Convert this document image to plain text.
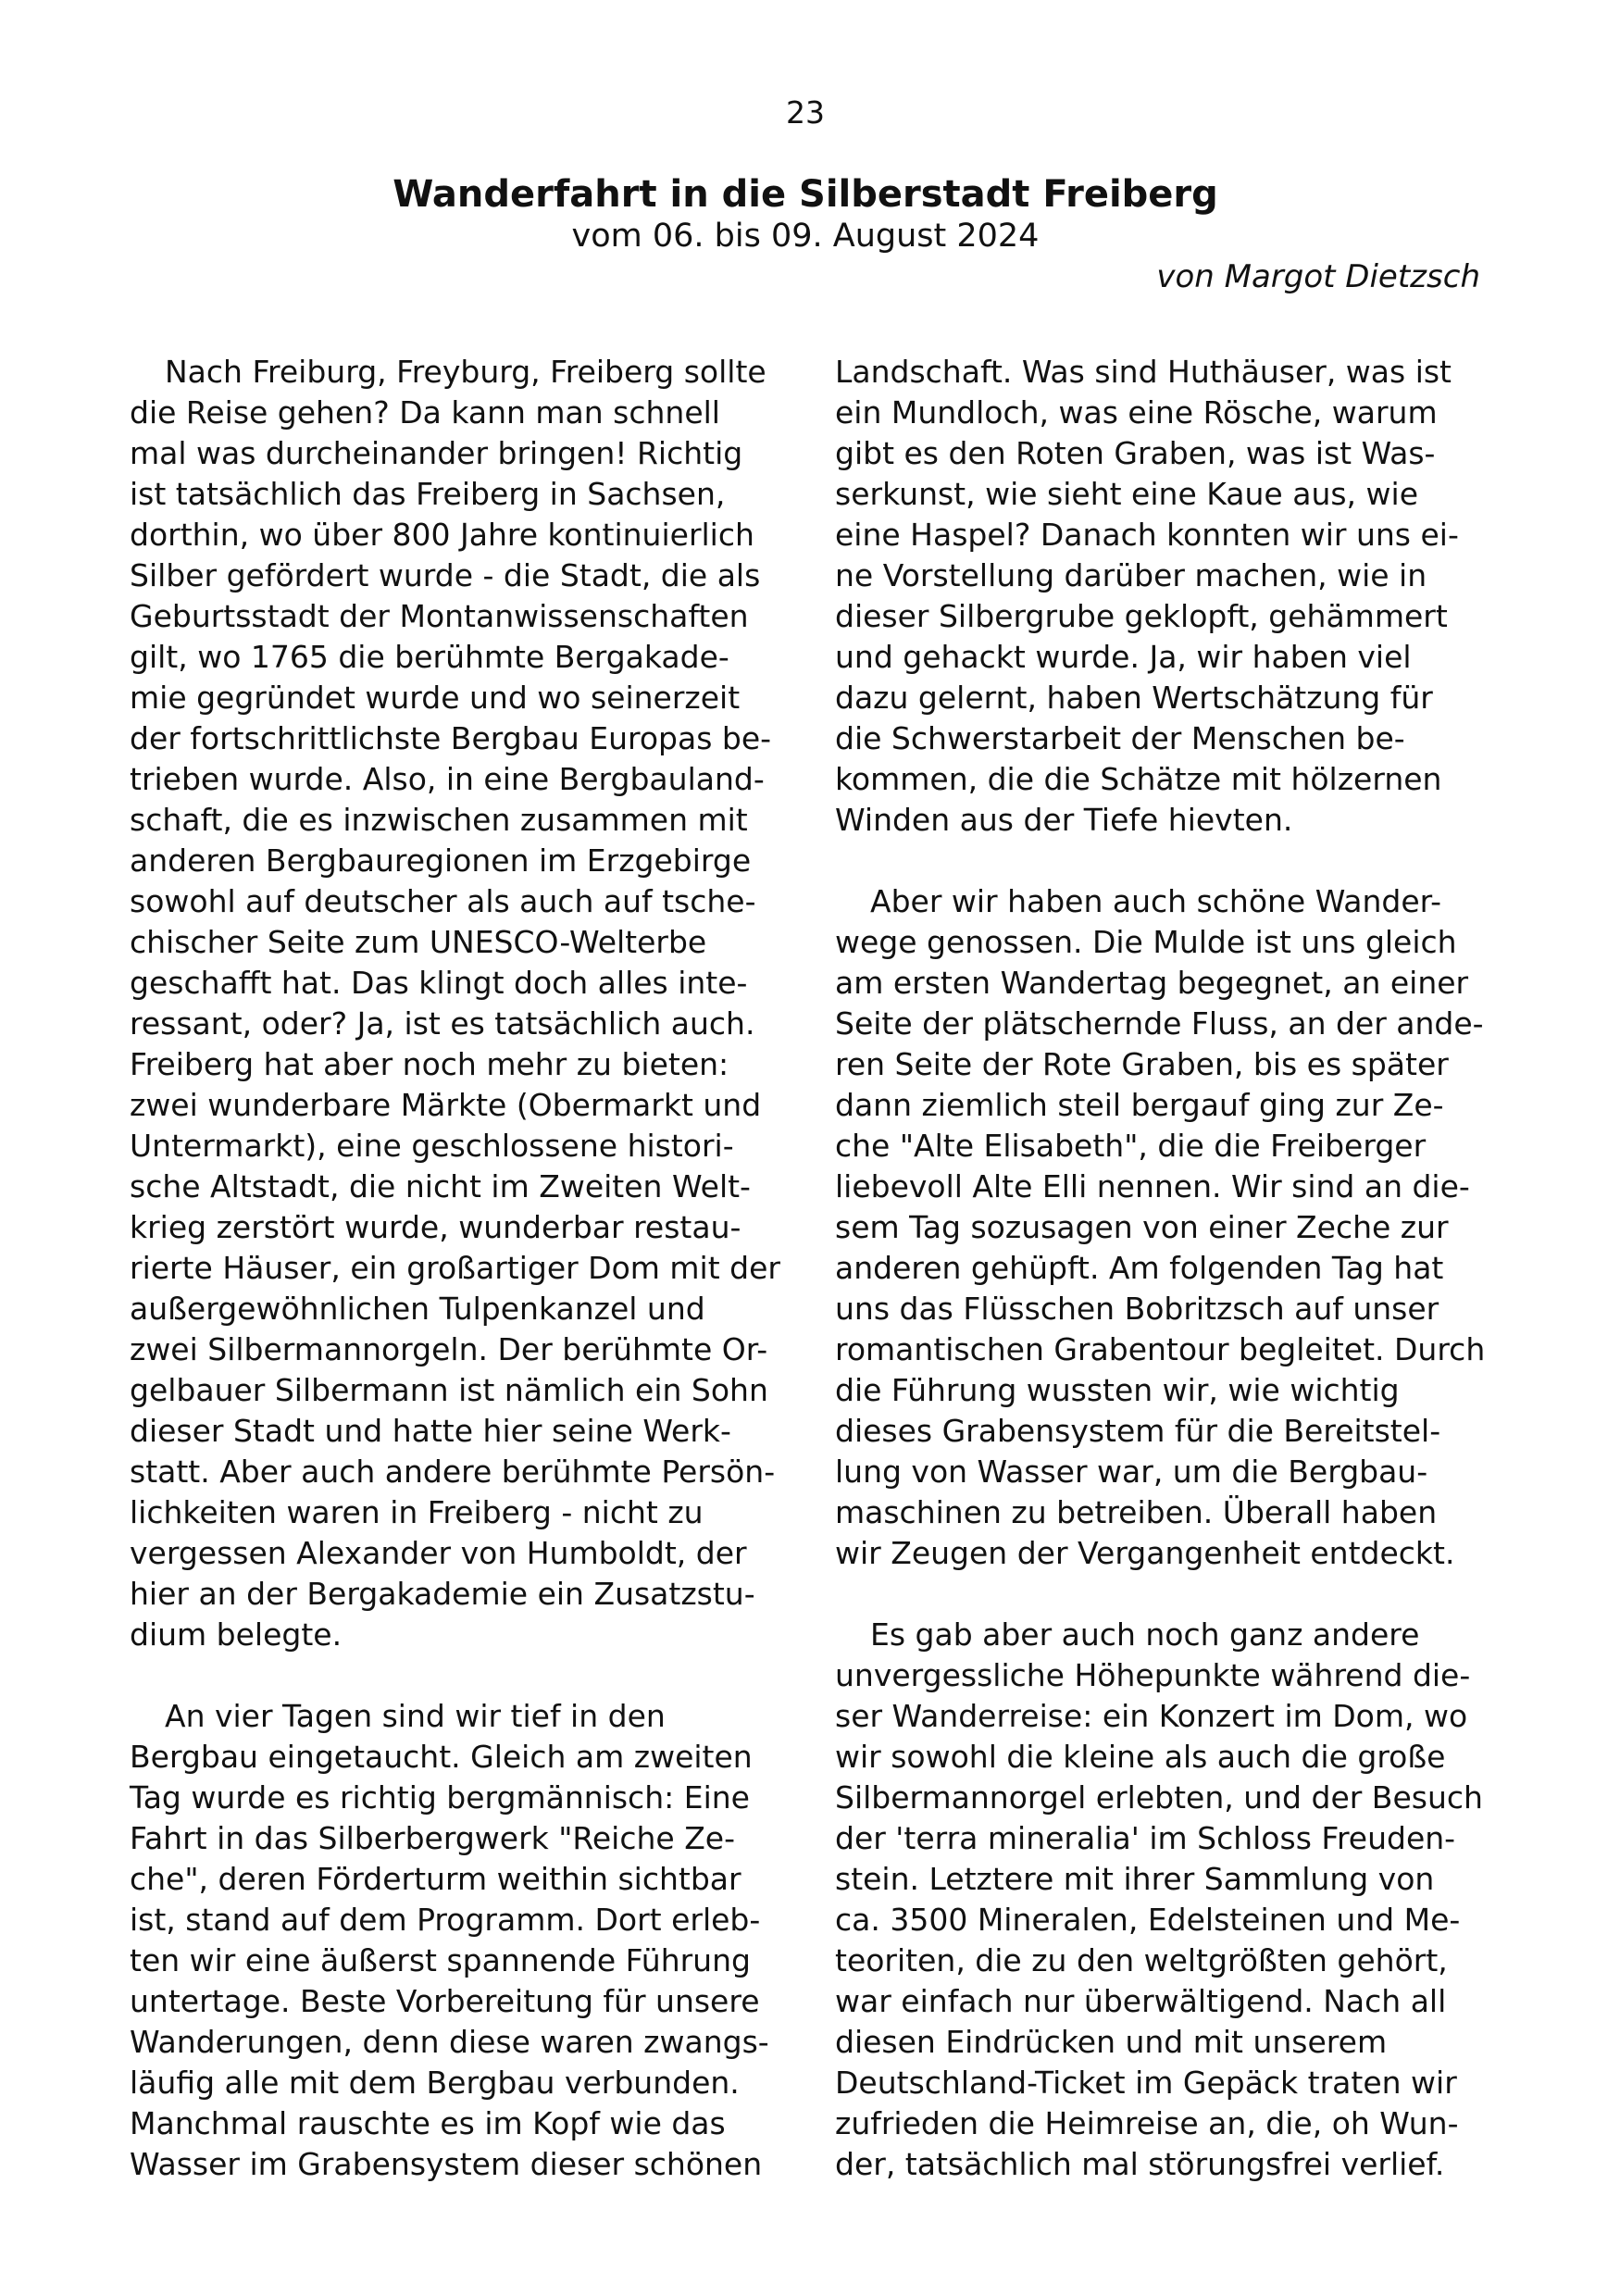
23
Wanderfahrt in die Silberstadt Freiberg
vom 06. bis 09. August 2024
von Margot Dietzsch
Nach Freiburg, Freyburg, Freiberg sollte
die Reise gehen? Da kann man schnell
mal was durcheinander bringen! Richtig
ist tatsächlich das Freiberg in Sachsen,
dorthin, wo über 800 Jahre kontinuierlich
Silber gefördert wurde - die Stadt, die als
Geburtsstadt der Montanwissenschaften
gilt, wo 1765 die berühmte Bergakade-
mie gegründet wurde und wo seinerzeit
der fortschrittlichste Bergbau Europas be-
trieben wurde. Also, in eine Bergbauland-
schaft, die es inzwischen zusammen mit
anderen Bergbauregionen im Erzgebirge
sowohl auf deutscher als auch auf tsche-
chischer Seite zum UNESCO-Welterbe
geschafft hat. Das klingt doch alles inte-
ressant, oder? Ja, ist es tatsächlich auch.
Freiberg hat aber noch mehr zu bieten:
zwei wunderbare Märkte (Obermarkt und
Untermarkt), eine geschlossene histori-
sche Altstadt, die nicht im Zweiten Welt-
krieg zerstört wurde, wunderbar restau-
rierte Häuser, ein großartiger Dom mit der
außergewöhnlichen Tulpenkanzel und
zwei Silbermannorgeln. Der berühmte Or-
gelbauer Silbermann ist nämlich ein Sohn
dieser Stadt und hatte hier seine Werk-
statt. Aber auch andere berühmte Persön-
lichkeiten waren in Freiberg - nicht zu
vergessen Alexander von Humboldt, der
hier an der Bergakademie ein Zusatzstu-
dium belegte.
An vier Tagen sind wir tief in den
Bergbau eingetaucht. Gleich am zweiten
Tag wurde es richtig bergmännisch: Eine
Fahrt in das Silberbergwerk "Reiche Ze-
che", deren Förderturm weithin sichtbar
ist, stand auf dem Programm. Dort erleb-
ten wir eine äußerst spannende Führung
untertage. Beste Vorbereitung für unsere
Wanderungen, denn diese waren zwangs-
läufig alle mit dem Bergbau verbunden.
Manchmal rauschte es im Kopf wie das
Wasser im Grabensystem dieser schönen
Landschaft. Was sind Huthäuser, was ist
ein Mundloch, was eine Rösche, warum
gibt es den Roten Graben, was ist Was-
serkunst, wie sieht eine Kaue aus, wie
eine Haspel? Danach konnten wir uns ei-
ne Vorstellung darüber machen, wie in
dieser Silbergrube geklopft, gehämmert
und gehackt wurde. Ja, wir haben viel
dazu gelernt, haben Wertschätzung für
die Schwerstarbeit der Menschen be-
kommen, die die Schätze mit hölzernen
Winden aus der Tiefe hievten.
Aber wir haben auch schöne Wander-
wege genossen. Die Mulde ist uns gleich
am ersten Wandertag begegnet, an einer
Seite der plätschernde Fluss, an der ande-
ren Seite der Rote Graben, bis es später
dann ziemlich steil bergauf ging zur Ze-
che "Alte Elisabeth", die die Freiberger
liebevoll Alte Elli nennen. Wir sind an die-
sem Tag sozusagen von einer Zeche zur
anderen gehüpft. Am folgenden Tag hat
uns das Flüsschen Bobritzsch auf unser
romantischen Grabentour begleitet. Durch
die Führung wussten wir, wie wichtig
dieses Grabensystem für die Bereitstel-
lung von Wasser war, um die Bergbau-
maschinen zu betreiben. Überall haben
wir Zeugen der Vergangenheit entdeckt.
Es gab aber auch noch ganz andere
unvergessliche Höhepunkte während die-
ser Wanderreise: ein Konzert im Dom, wo
wir sowohl die kleine als auch die große
Silbermannorgel erlebten, und der Besuch
der 'terra mineralia' im Schloss Freuden-
stein. Letztere mit ihrer Sammlung von
ca. 3500 Mineralen, Edelsteinen und Me-
teoriten, die zu den weltgrößten gehört,
war einfach nur überwältigend. Nach all
diesen Eindrücken und mit unserem
Deutschland-Ticket im Gepäck traten wir
zufrieden die Heimreise an, die, oh Wun-
der, tatsächlich mal störungsfrei verlief.
